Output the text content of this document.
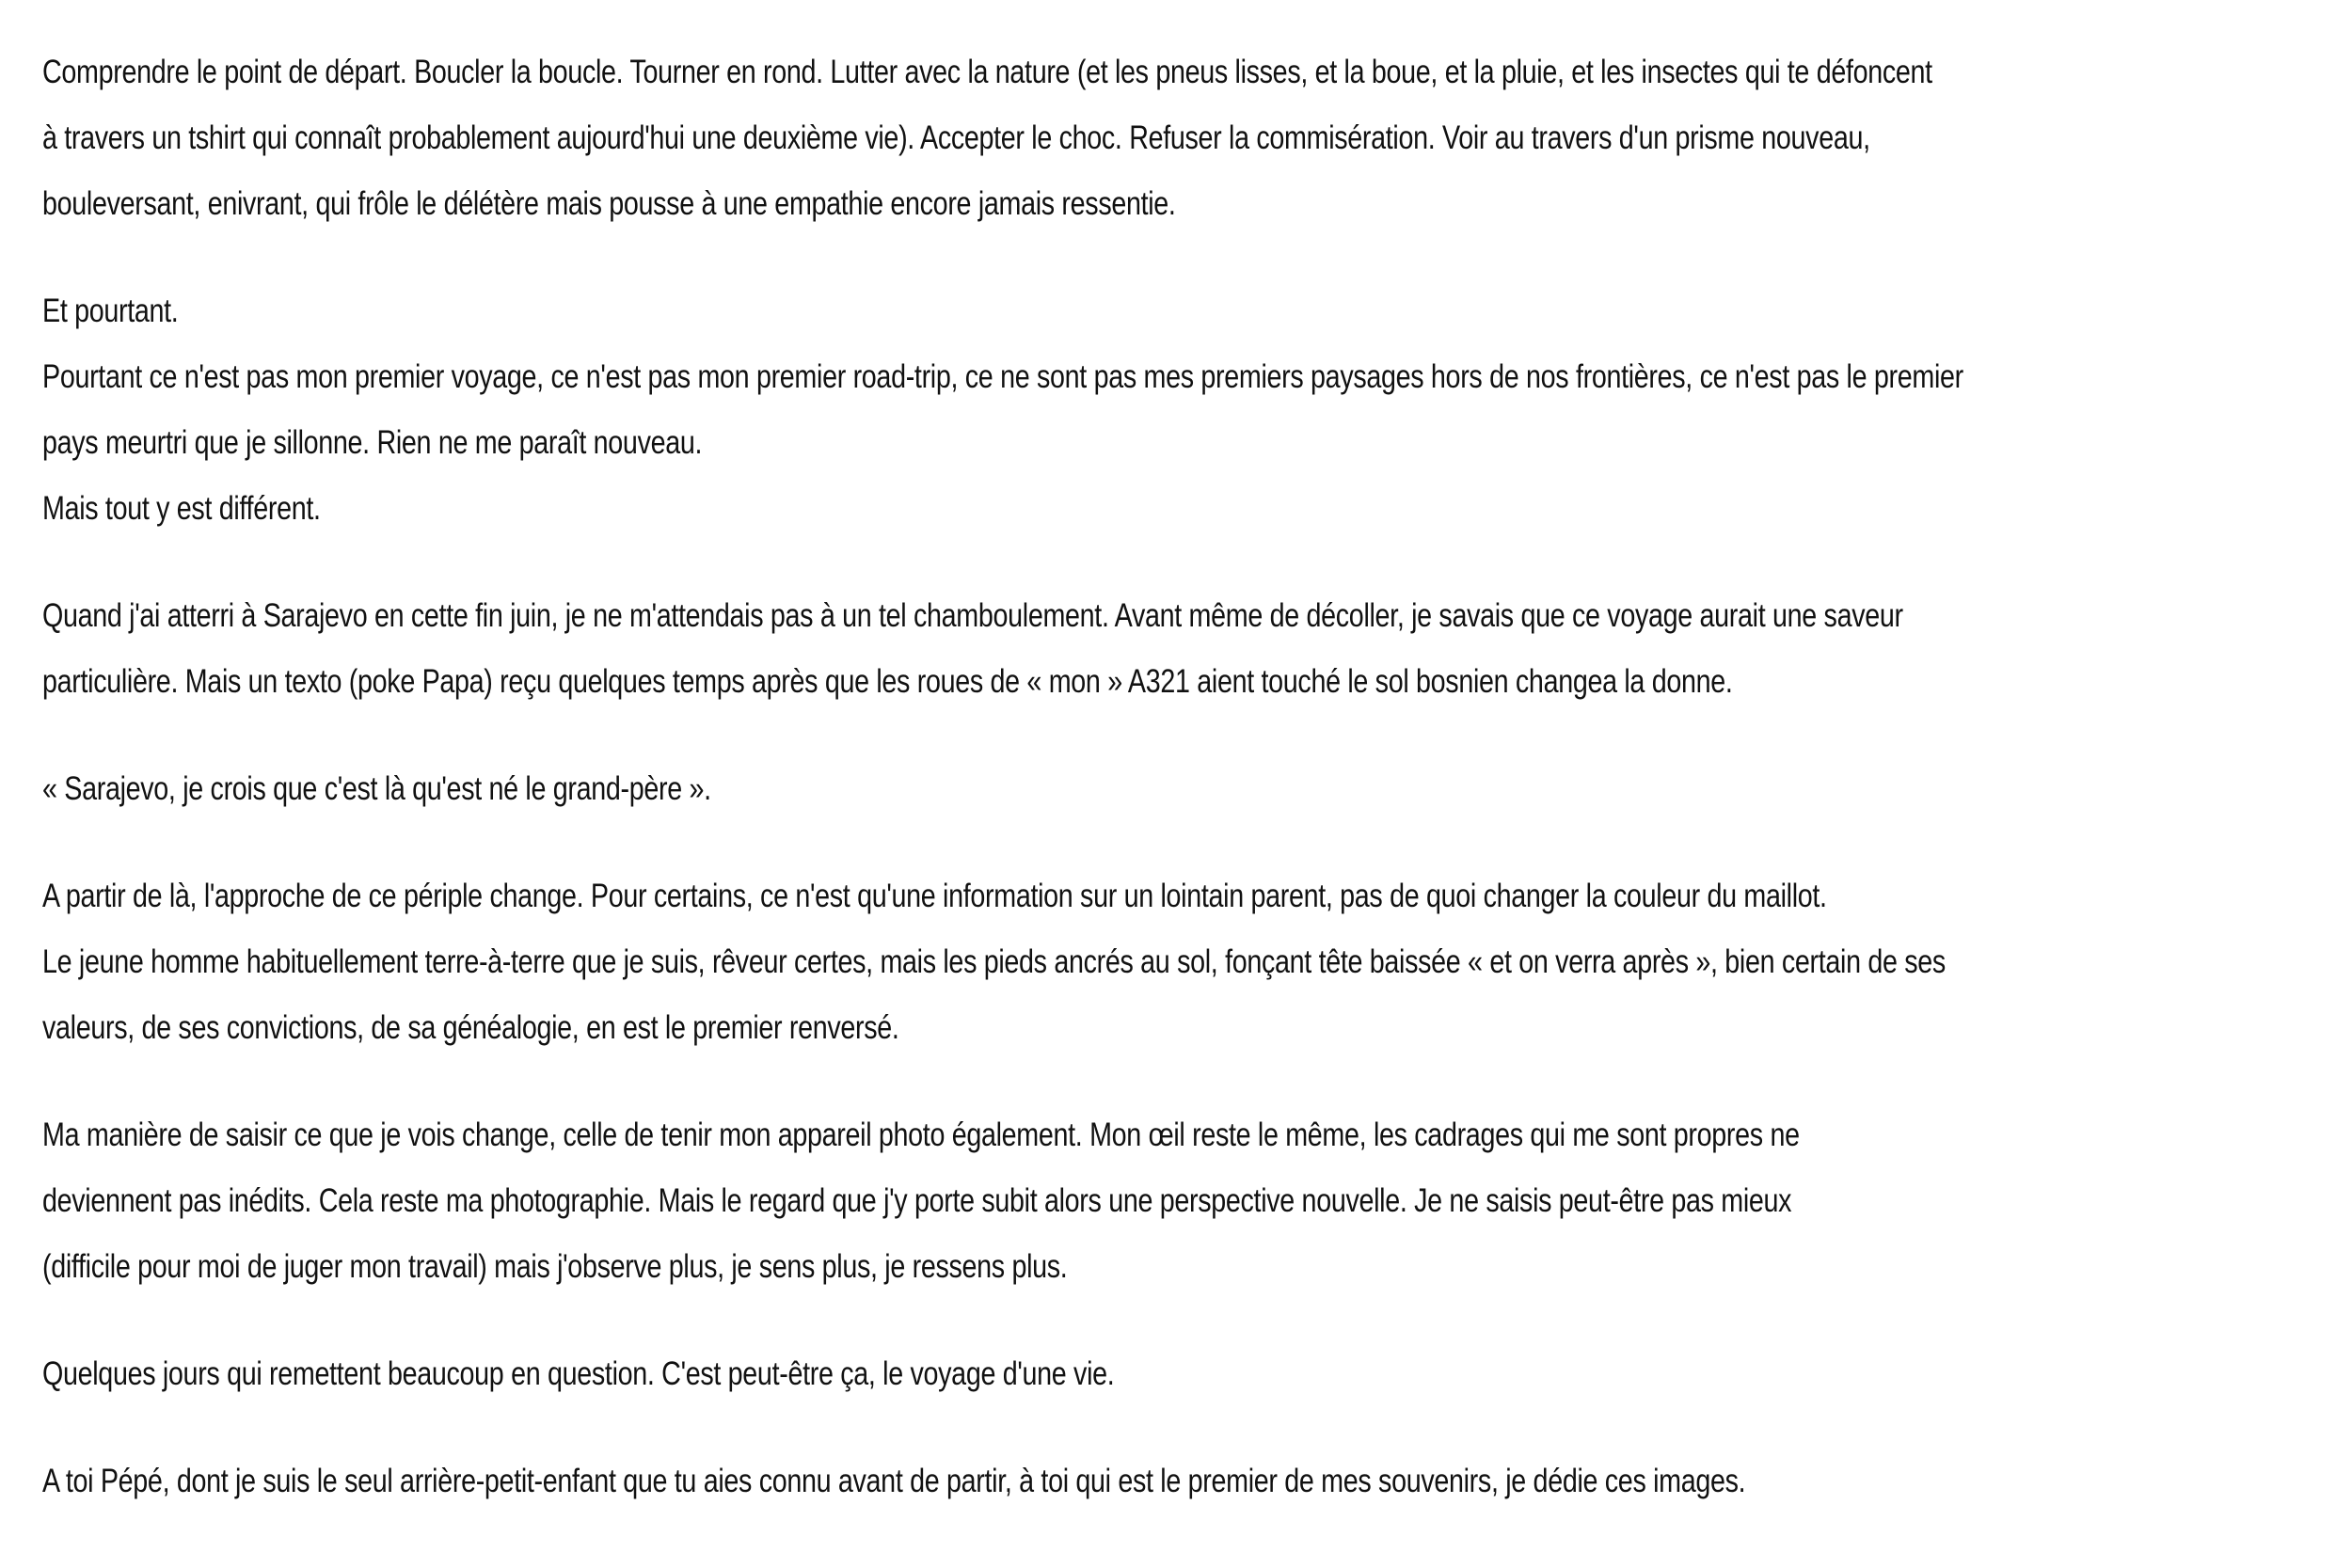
Comprendre le point de départ. Boucler la boucle. Tourner en rond. Lutter avec la nature (et les pneus lisses, et la boue, et la pluie, et les insectes qui te défoncent
à travers un tshirt qui connaît probablement aujourd'hui une deuxième vie). Accepter le choc. Refuser la commisération. Voir au travers d'un prisme nouveau,
bouleversant, enivrant, qui frôle le délétère mais pousse à une empathie encore jamais ressentie.
Et pourtant.
Pourtant ce n'est pas mon premier voyage, ce n'est pas mon premier road-trip, ce ne sont pas mes premiers paysages hors de nos frontières, ce n'est pas le premier
pays meurtri que je sillonne. Rien ne me paraît nouveau.
Mais tout y est différent.
Quand j'ai atterri à Sarajevo en cette fin juin, je ne m'attendais pas à un tel chamboulement. Avant même de décoller, je savais que ce voyage aurait une saveur
particulière. Mais un texto (poke Papa) reçu quelques temps après que les roues de « mon » A321 aient touché le sol bosnien changea la donne.
« Sarajevo, je crois que c'est là qu'est né le grand-père ».
A partir de là, l'approche de ce périple change. Pour certains, ce n'est qu'une information sur un lointain parent, pas de quoi changer la couleur du maillot.
Le jeune homme habituellement terre-à-terre que je suis, rêveur certes, mais les pieds ancrés au sol, fonçant tête baissée « et on verra après », bien certain de ses
valeurs, de ses convictions, de sa généalogie, en est le premier renversé.
Ma manière de saisir ce que je vois change, celle de tenir mon appareil photo également. Mon œil reste le même, les cadrages qui me sont propres ne
deviennent pas inédits. Cela reste ma photographie. Mais le regard que j'y porte subit alors une perspective nouvelle. Je ne saisis peut-être pas mieux
(difficile pour moi de juger mon travail) mais j'observe plus, je sens plus, je ressens plus.
Quelques jours qui remettent beaucoup en question. C'est peut-être ça, le voyage d'une vie.
A toi Pépé, dont je suis le seul arrière-petit-enfant que tu aies connu avant de partir, à toi qui est le premier de mes souvenirs, je dédie ces images.
